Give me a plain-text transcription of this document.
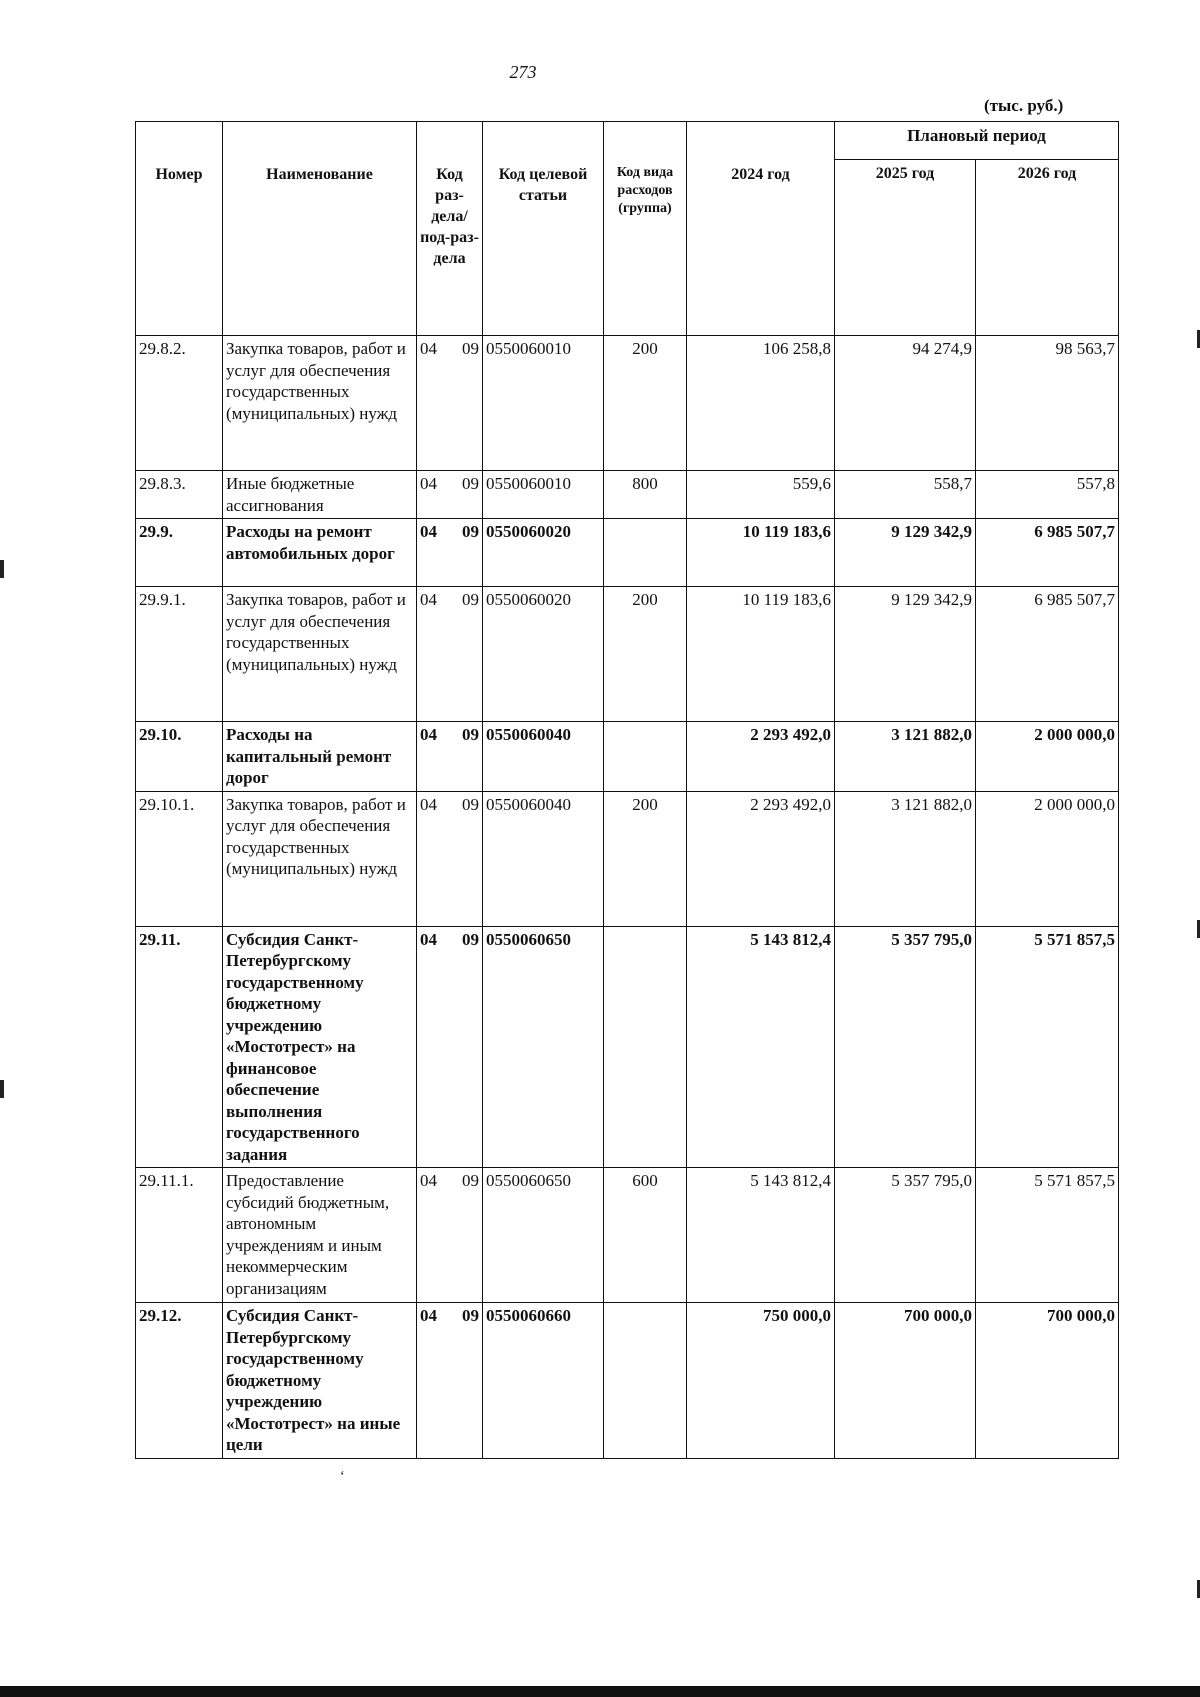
273
(тыс. руб.)
Номер	Наименование	Код раз-дела/ под-раз-дела	Код целевой статьи	Код вида расходов (группа)	2024 год	Плановый период	
						2025 год	2026 год
29.8.2.	Закупка товаров, работ и услуг для обеспечения государственных (муниципальных) нужд	04 09	0550060010	200	106 258,8	94 274,9	98 563,7
29.8.3.	Иные бюджетные ассигнования	04 09	0550060010	800	559,6	558,7	557,8
29.9.	Расходы на ремонт автомобильных дорог	04 09	0550060020		10 119 183,6	9 129 342,9	6 985 507,7
29.9.1.	Закупка товаров, работ и услуг для обеспечения государственных (муниципальных) нужд	04 09	0550060020	200	10 119 183,6	9 129 342,9	6 985 507,7
29.10.	Расходы на капитальный ремонт дорог	04 09	0550060040		2 293 492,0	3 121 882,0	2 000 000,0
29.10.1.	Закупка товаров, работ и услуг для обеспечения государственных (муниципальных) нужд	04 09	0550060040	200	2 293 492,0	3 121 882,0	2 000 000,0
29.11.	Субсидия Санкт-Петербургскому государственному бюджетному учреждению «Мостотрест» на финансовое обеспечение выполнения государственного задания	04 09	0550060650		5 143 812,4	5 357 795,0	5 571 857,5
29.11.1.	Предоставление субсидий бюджетным, автономным учреждениям и иным некоммерческим организациям	04 09	0550060650	600	5 143 812,4	5 357 795,0	5 571 857,5
29.12.	Субсидия Санкт-Петербургскому государственному бюджетному учреждению «Мостотрест» на иные цели	04 09	0550060660		750 000,0	700 000,0	700 000,0
‘
